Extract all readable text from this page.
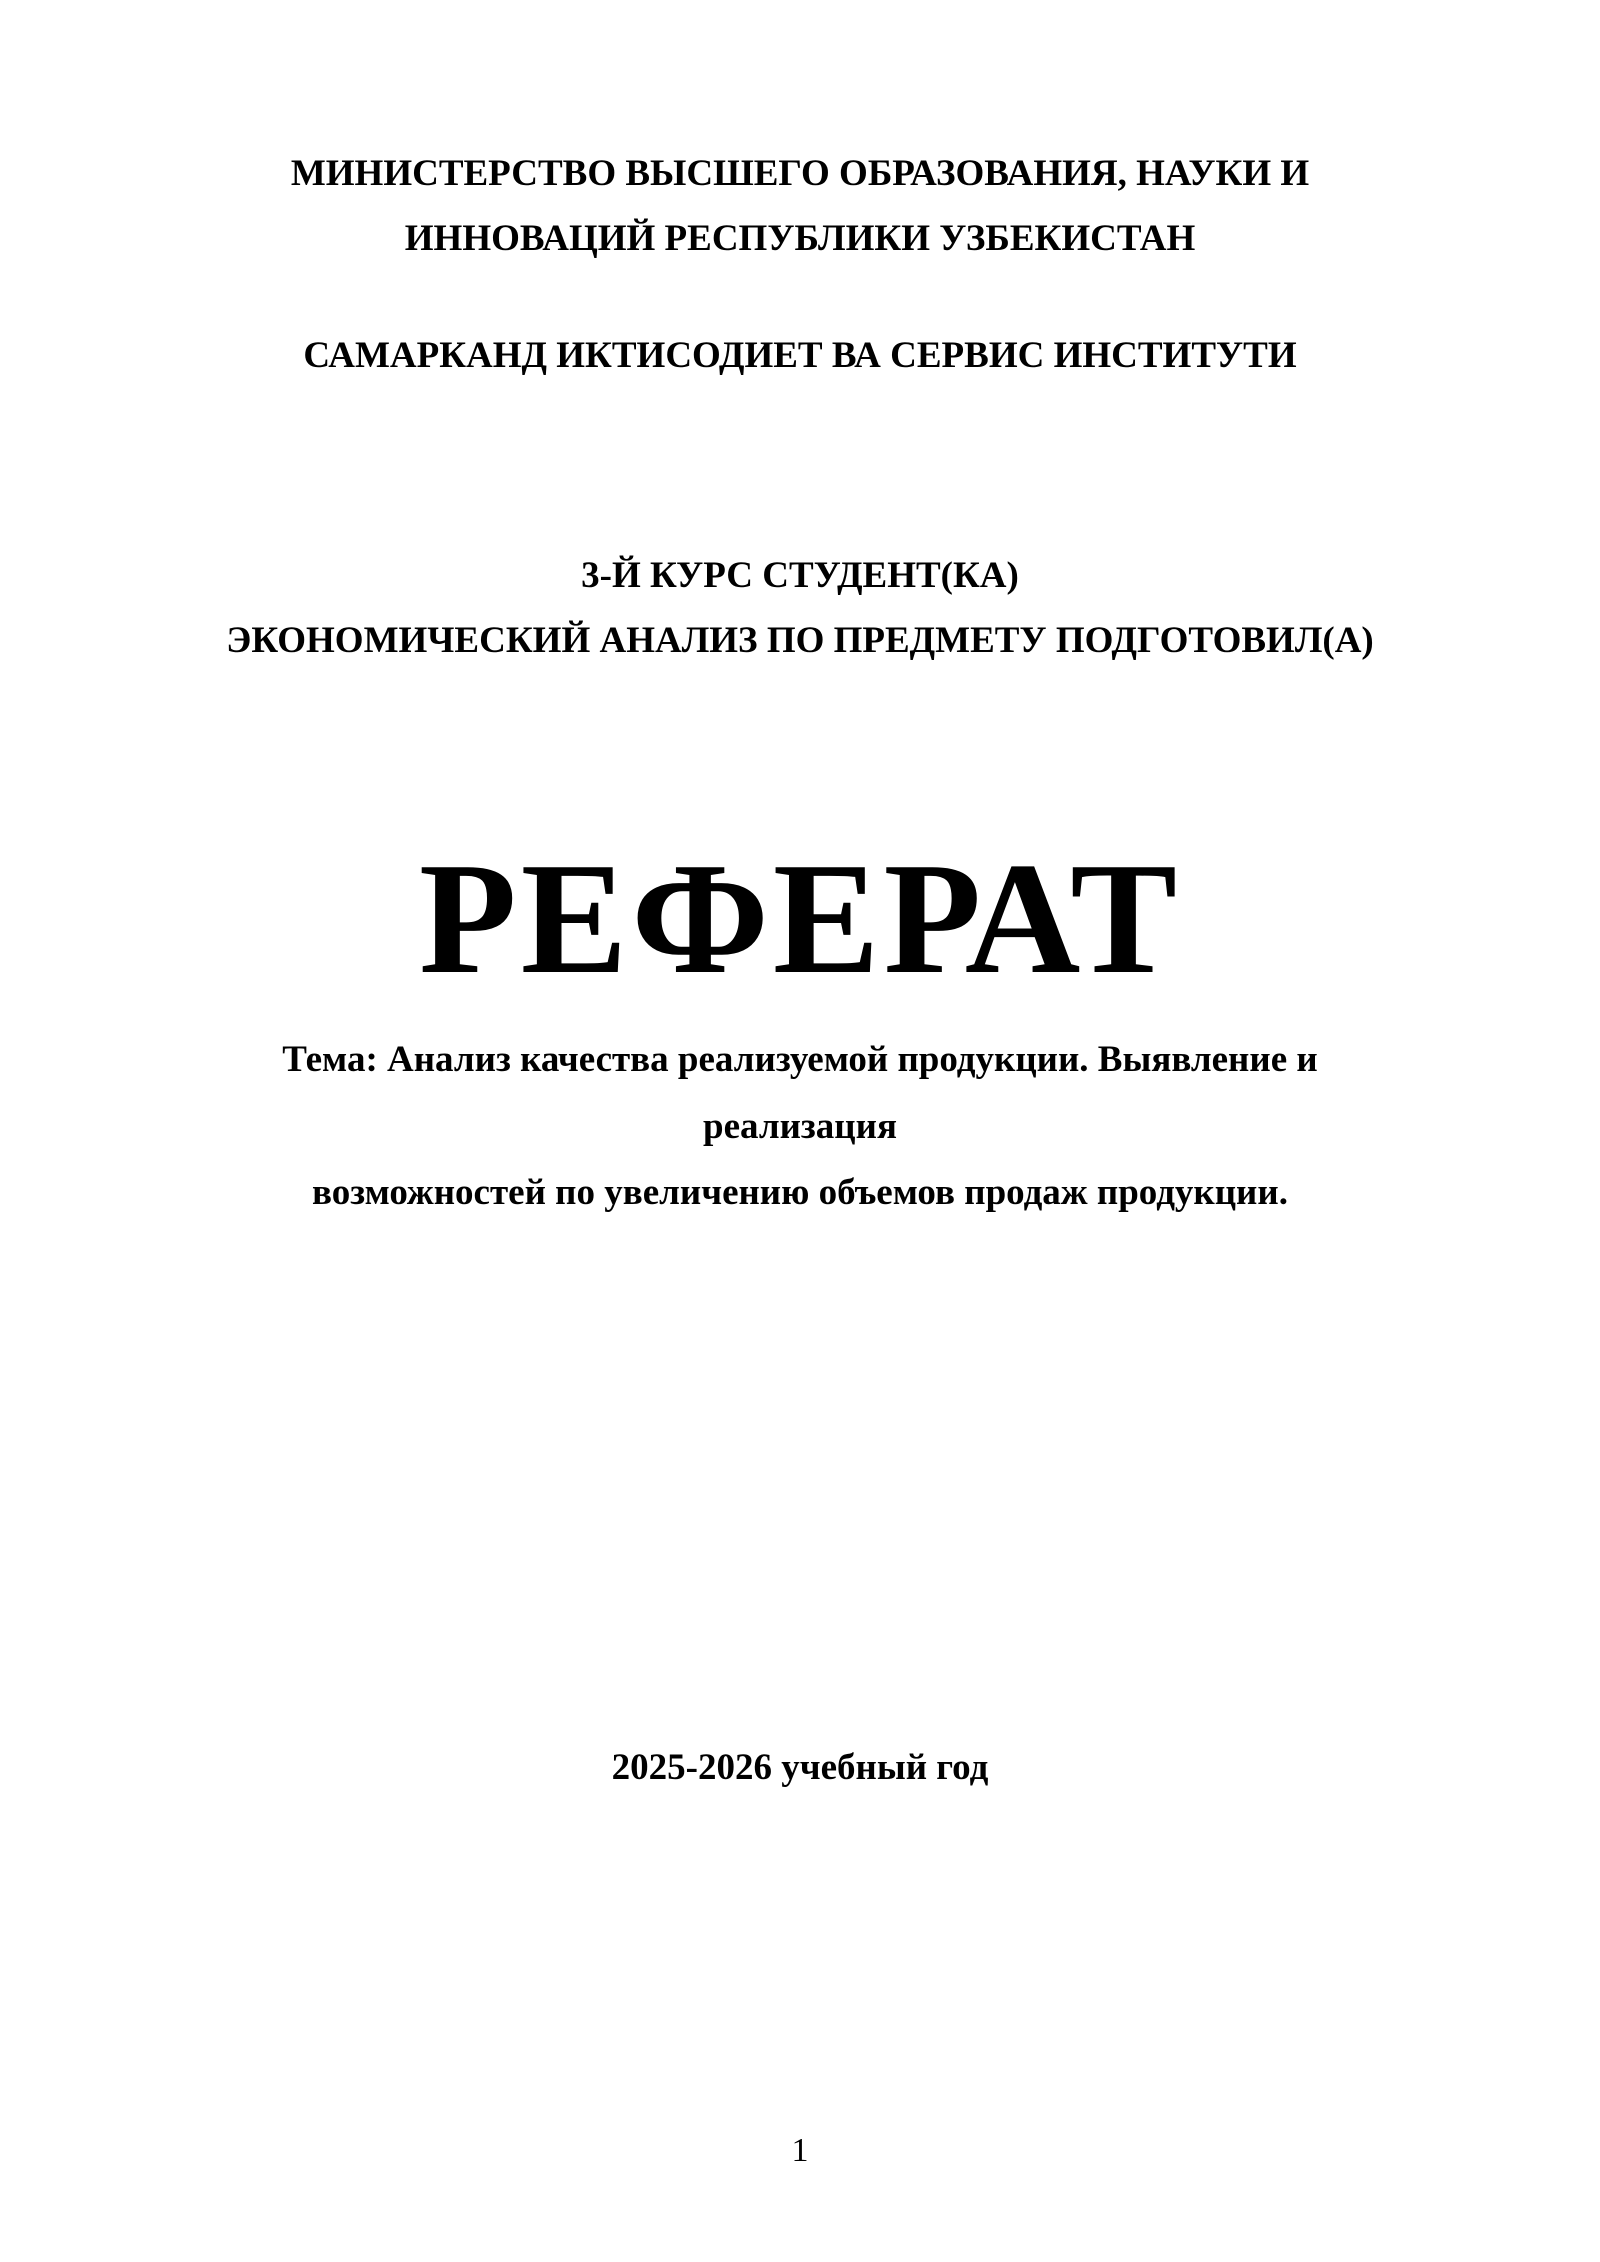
МИНИСТЕРСТВО ВЫСШЕГО ОБРАЗОВАНИЯ, НАУКИ И

ИННОВАЦИЙ РЕСПУБЛИКИ УЗБЕКИСТАН

САМАРКАНД ИКТИСОДИЕТ ВА СЕРВИС ИНСТИТУТИ

3-Й КУРС СТУДЕНТ(КА)

ЭКОНОМИЧЕСКИЙ АНАЛИЗ ПО ПРЕДМЕТУ ПОДГОТОВИЛ(А)

РЕФЕРАТ

Тема: Анализ качества реализуемой продукции. Выявление и

реализация

возможностей по увеличению объемов продаж продукции.

2025-2026 учебный год

1
